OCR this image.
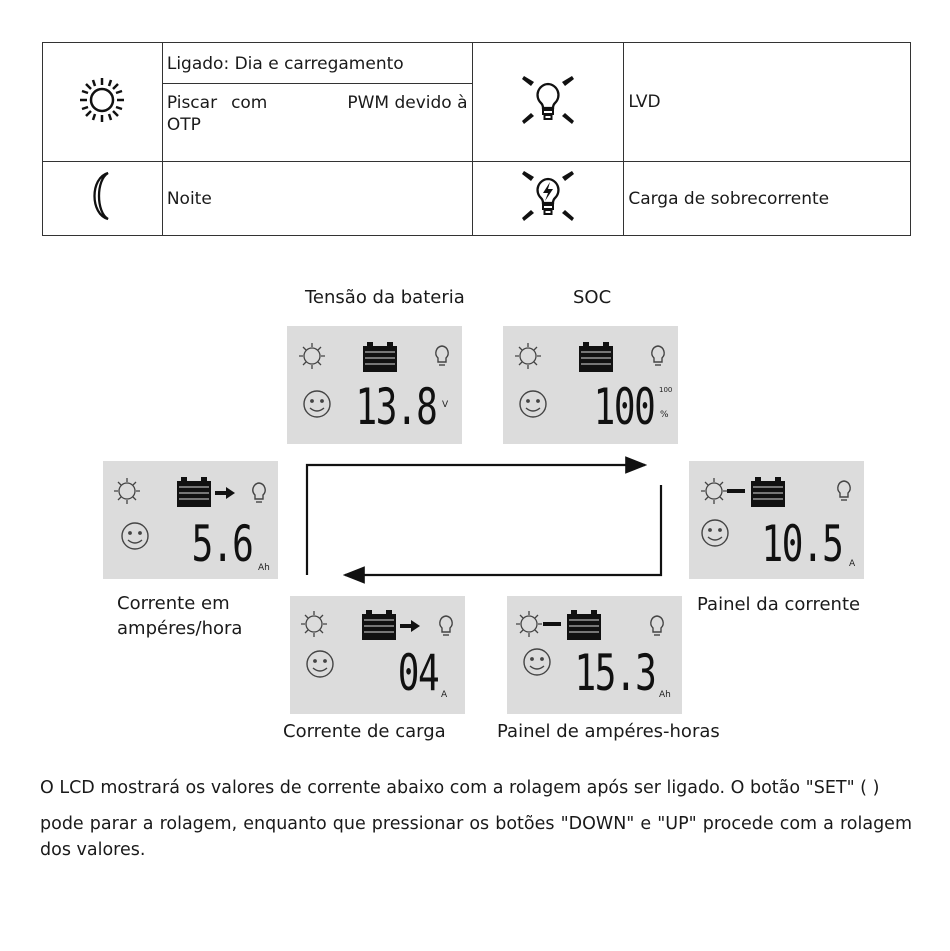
	Ligado: Dia e carregamento		LVD

	Piscar com PWM devido à
OTP		

	Noite		Carga de sobrecorrente
Tensão da bateria	SOC
Painel da corrente
Painel de ampéres-horas
Corrente de carga
Corrente em
ampéres/hora
13.8 V	100 100
%
10.5 A
15.3 Ah
04 A
5.6 Ah
O LCD mostrará os valores de corrente abaixo com a rolagem após ser ligado. O botão "SET" ( )
pode parar a rolagem, enquanto que pressionar os botões "DOWN" e "UP" procede com a rolagem dos valores.
